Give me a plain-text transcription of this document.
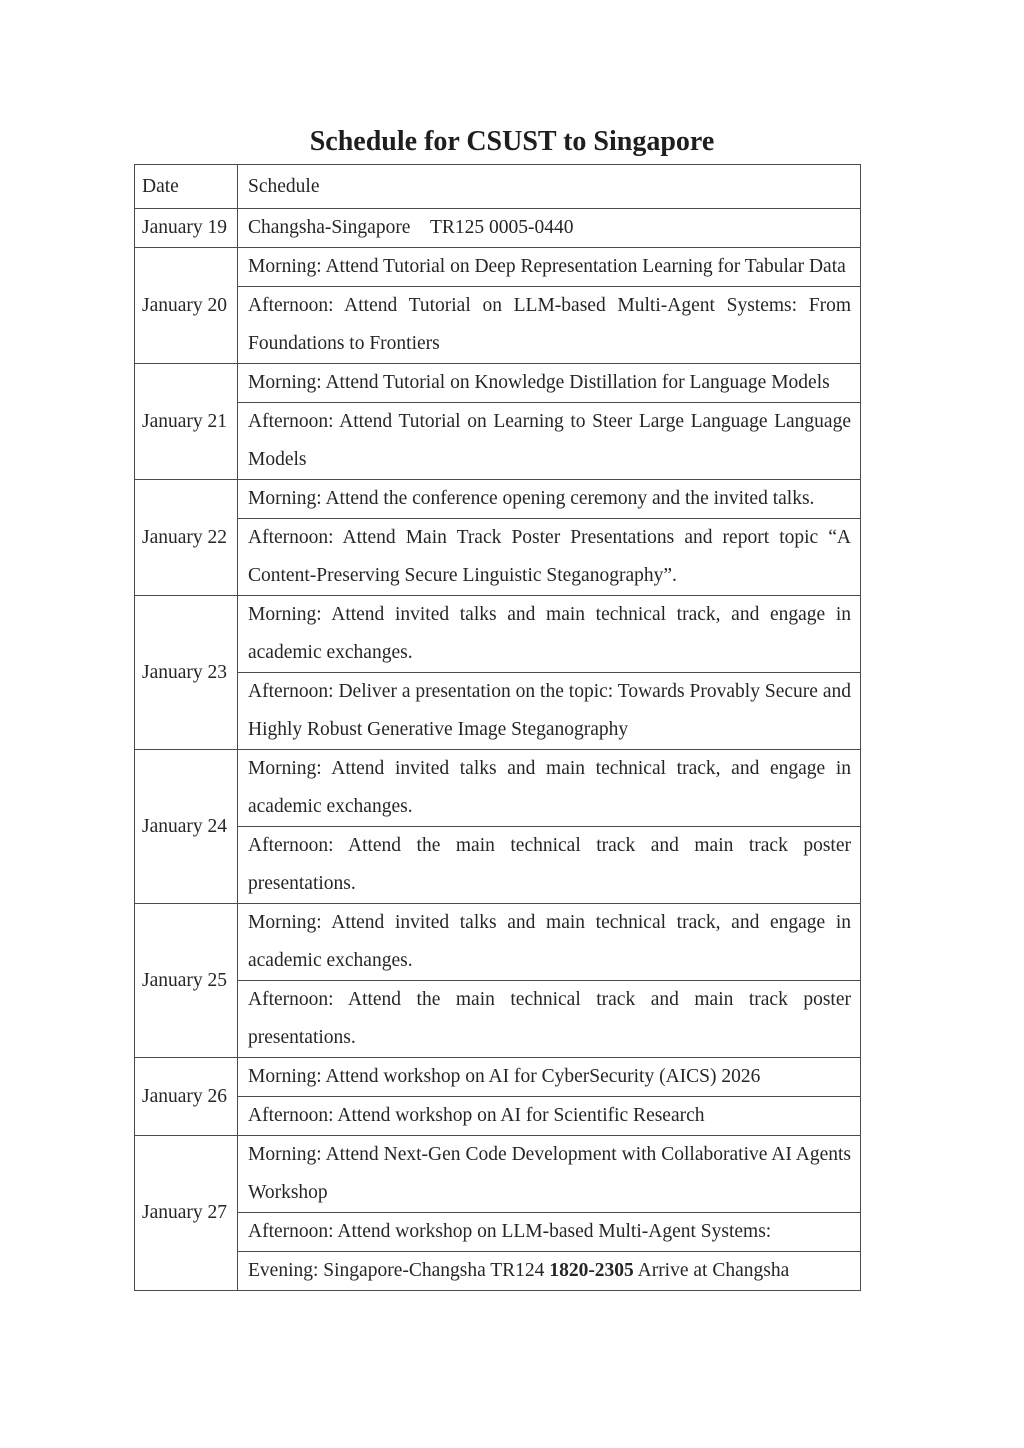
Schedule for CSUST to Singapore
Date	Schedule
January 19	Changsha-Singapore TR125 0005-0440
January 20	Morning: Attend Tutorial on Deep Representation Learning for Tabular Data
	Afternoon: Attend Tutorial on LLM-based Multi-Agent Systems: From Foundations to Frontiers
January 21	Morning: Attend Tutorial on Knowledge Distillation for Language Models
	Afternoon: Attend Tutorial on Learning to Steer Large Language Language Models
January 22	Morning: Attend the conference opening ceremony and the invited talks.
	Afternoon: Attend Main Track Poster Presentations and report topic “A Content-Preserving Secure Linguistic Steganography”.
January 23	Morning: Attend invited talks and main technical track, and engage in academic exchanges.
	Afternoon: Deliver a presentation on the topic: Towards Provably Secure and Highly Robust Generative Image Steganography
January 24	Morning: Attend invited talks and main technical track, and engage in academic exchanges.
	Afternoon: Attend the main technical track and main track poster presentations.
January 25	Morning: Attend invited talks and main technical track, and engage in academic exchanges.
	Afternoon: Attend the main technical track and main track poster presentations.
January 26	Morning: Attend workshop on AI for CyberSecurity (AICS) 2026
	Afternoon: Attend workshop on AI for Scientific Research
January 27	Morning: Attend Next-Gen Code Development with Collaborative AI Agents Workshop
	Afternoon: Attend workshop on LLM-based Multi-Agent Systems:
	Evening: Singapore-Changsha TR124 1820-2305 Arrive at Changsha
